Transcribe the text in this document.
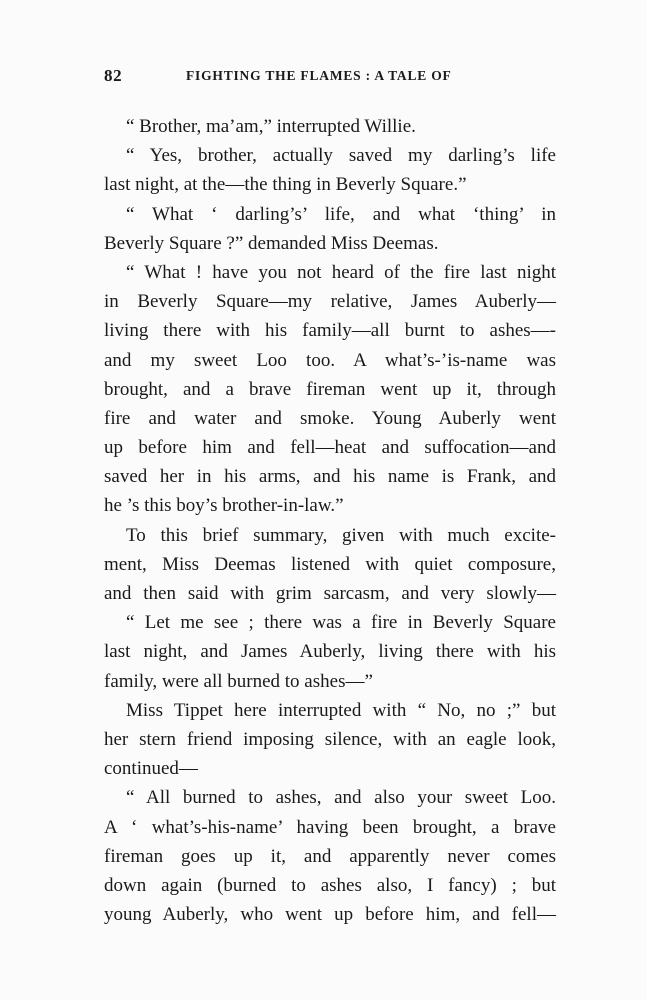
82	FIGHTING THE FLAMES : A TALE OF
“ Brother, ma’am,” interrupted Willie.
“ Yes, brother, actually saved my darling’s life
last night, at the—the thing in Beverly Square.”
“ What ‘ darling’s’ life, and what ‘thing’ in
Beverly Square ?” demanded Miss Deemas.
“ What ! have you not heard of the fire last night
in Beverly Square—my relative, James Auberly—
living there with his family—all burnt to ashes—-
and my sweet Loo too. A what’s-’is-name was
brought, and a brave fireman went up it, through
fire and water and smoke. Young Auberly went
up before him and fell—heat and suffocation—and
saved her in his arms, and his name is Frank, and
he ’s this boy’s brother-in-law.”
To this brief summary, given with much excite-
ment, Miss Deemas listened with quiet composure,
and then said with grim sarcasm, and very slowly—
“ Let me see ; there was a fire in Beverly Square
last night, and James Auberly, living there with his
family, were all burned to ashes—”
Miss Tippet here interrupted with “ No, no ;” but
her stern friend imposing silence, with an eagle look,
continued—
“ All burned to ashes, and also your sweet Loo.
A ‘ what’s-his-name’ having been brought, a brave
fireman goes up it, and apparently never comes
down again (burned to ashes also, I fancy) ; but
young Auberly, who went up before him, and fell—
